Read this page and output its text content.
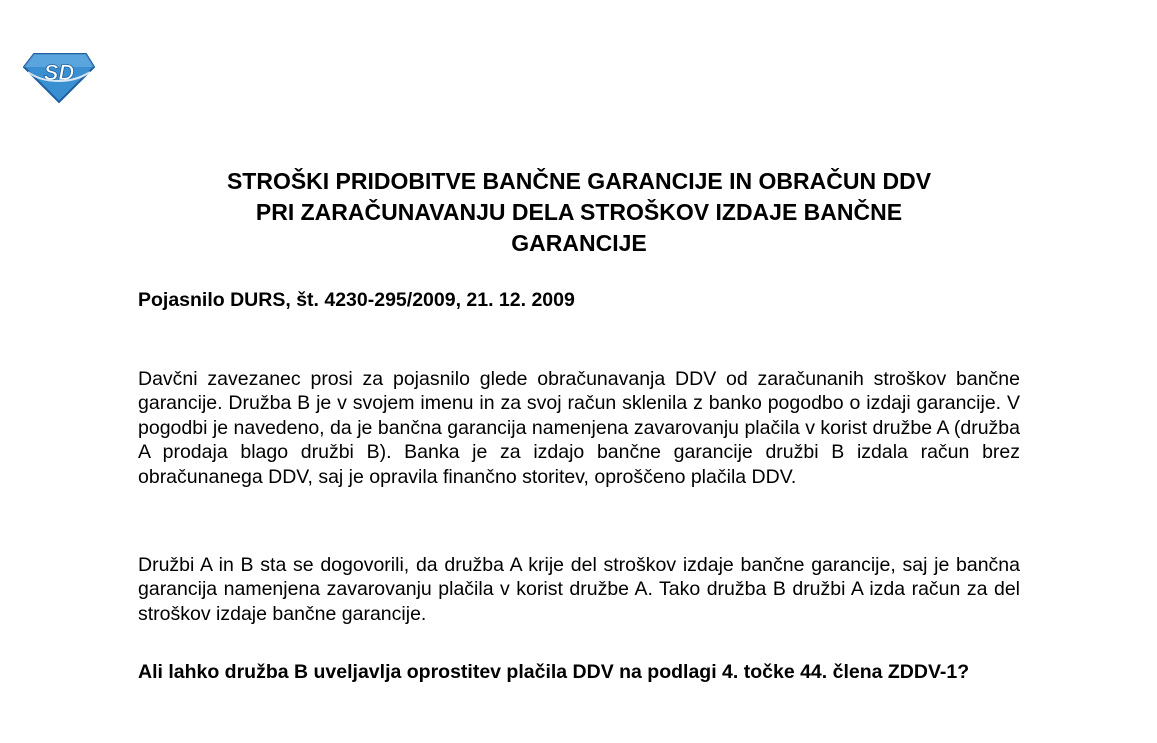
SD
STROŠKI PRIDOBITVE BANČNE GARANCIJE IN OBRAČUN DDV
PRI ZARAČUNAVANJU DELA STROŠKOV IZDAJE BANČNE
GARANCIJE

Pojasnilo DURS, št. 4230-295/2009, 21. 12. 2009

Davčni zavezanec prosi za pojasnilo glede obračunavanja DDV od zaračunanih stroškov bančne garancije. Družba B je v svojem imenu in za svoj račun sklenila z banko pogodbo o izdaji garancije. V pogodbi je navedeno, da je bančna garancija namenjena zavarovanju plačila v korist družbe A (družba A prodaja blago družbi B). Banka je za izdajo bančne garancije družbi B izdala račun brez obračunanega DDV, saj je opravila finančno storitev, oproščeno plačila DDV.

Družbi A in B sta se dogovorili, da družba A krije del stroškov izdaje bančne garancije, saj je bančna garancija namenjena zavarovanju plačila v korist družbe A. Tako družba B družbi A izda račun za del stroškov izdaje bančne garancije.

Ali lahko družba B uveljavlja oprostitev plačila DDV na podlagi 4. točke 44. člena ZDDV-1?
